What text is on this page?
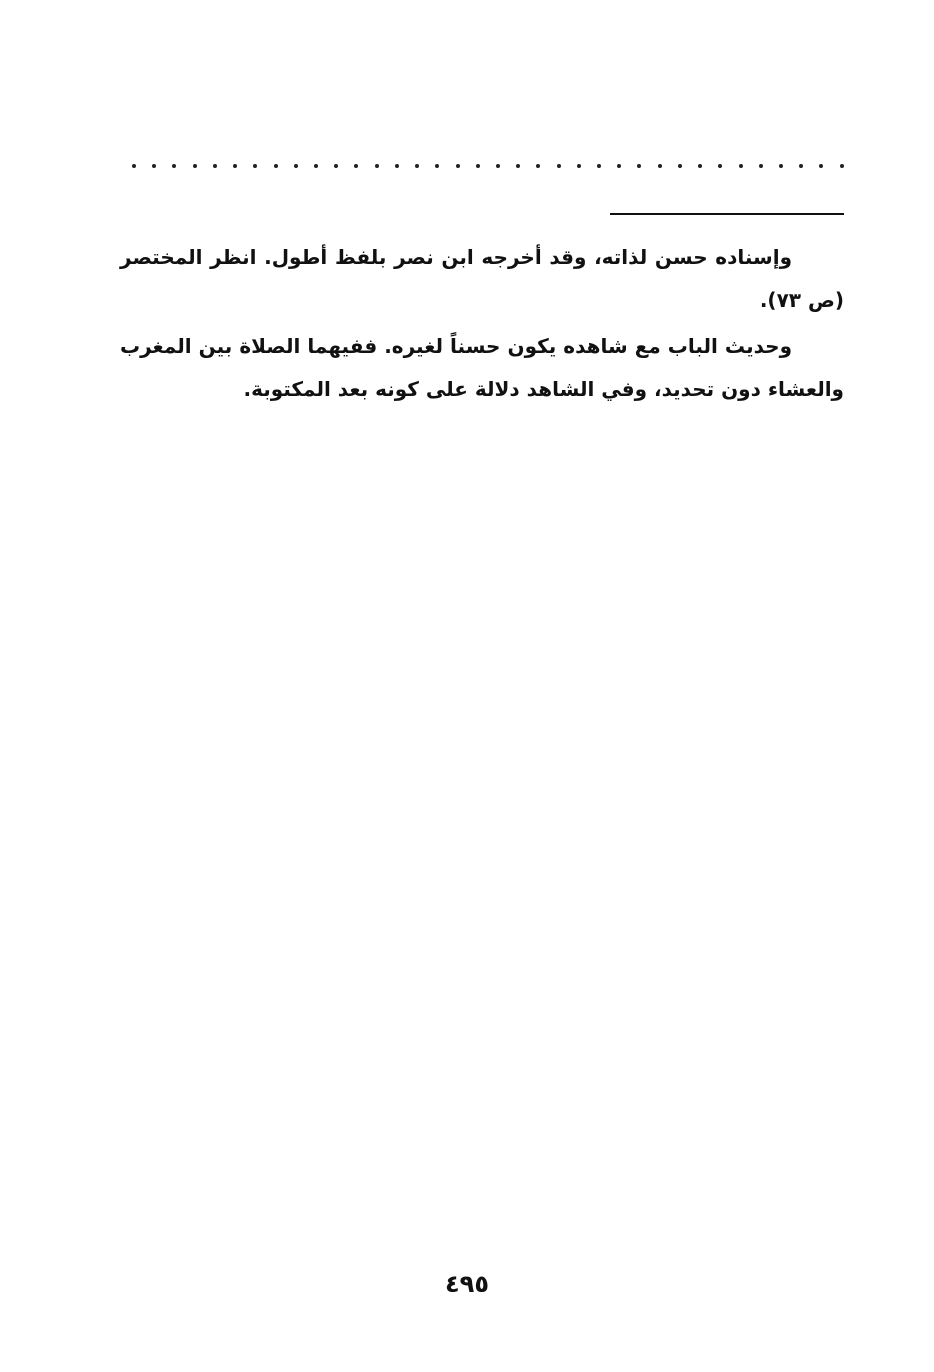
وإسناده حسن لذاته، وقد أخرجه ابن نصر بلفظ أطول. انظر المختصر (ص ٧٣).

وحديث الباب مع شاهده يكون حسناً لغيره. ففيهما الصلاة بين المغرب والعشاء دون تحديد، وفي الشاهد دلالة على كونه بعد المكتوبة.

٤٩٥
